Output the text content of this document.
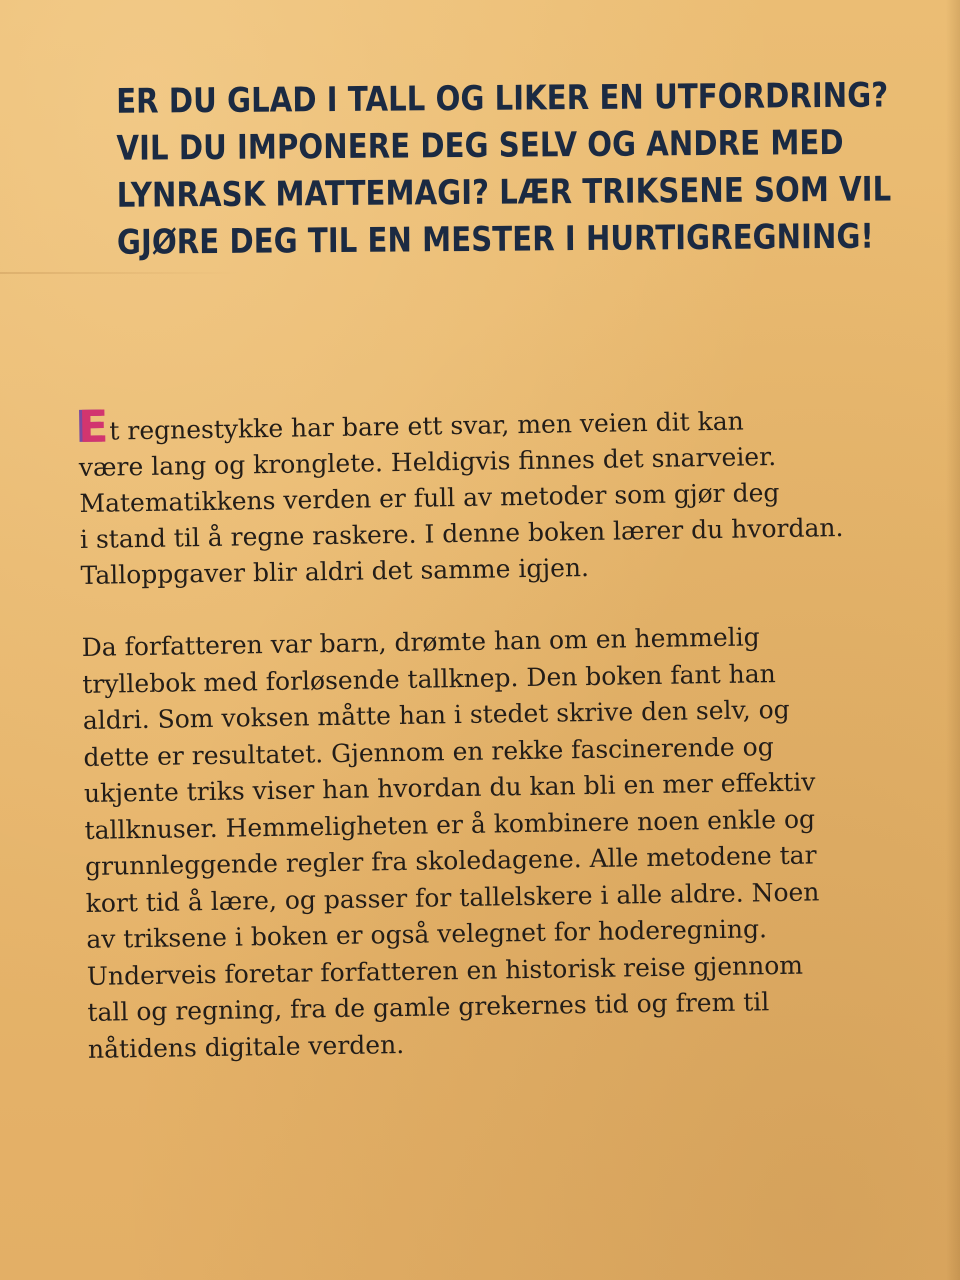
ER DU GLAD I TALL OG LIKER EN UTFORDRING?
VIL DU IMPONERE DEG SELV OG ANDRE MED
LYNRASK MATTEMAGI? LÆR TRIKSENE SOM VIL
GJØRE DEG TIL EN MESTER I HURTIGREGNING!

Et regnestykke har bare ett svar, men veien dit kan

være lang og kronglete. Heldigvis finnes det snarveier.

Matematikkens verden er full av metoder som gjør deg

i stand til å regne raskere. I denne boken lærer du hvordan.

Talloppgaver blir aldri det samme igjen.

Da forfatteren var barn, drømte han om en hemmelig

tryllebok med forløsende tallknep. Den boken fant han

aldri. Som voksen måtte han i stedet skrive den selv, og

dette er resultatet. Gjennom en rekke fascinerende og

ukjente triks viser han hvordan du kan bli en mer effektiv

tallknuser. Hemmeligheten er å kombinere noen enkle og

grunnleggende regler fra skoledagene. Alle metodene tar

kort tid å lære, og passer for tallelskere i alle aldre. Noen

av triksene i boken er også velegnet for hoderegning.

Underveis foretar forfatteren en historisk reise gjennom

tall og regning, fra de gamle grekernes tid og frem til

nåtidens digitale verden.
